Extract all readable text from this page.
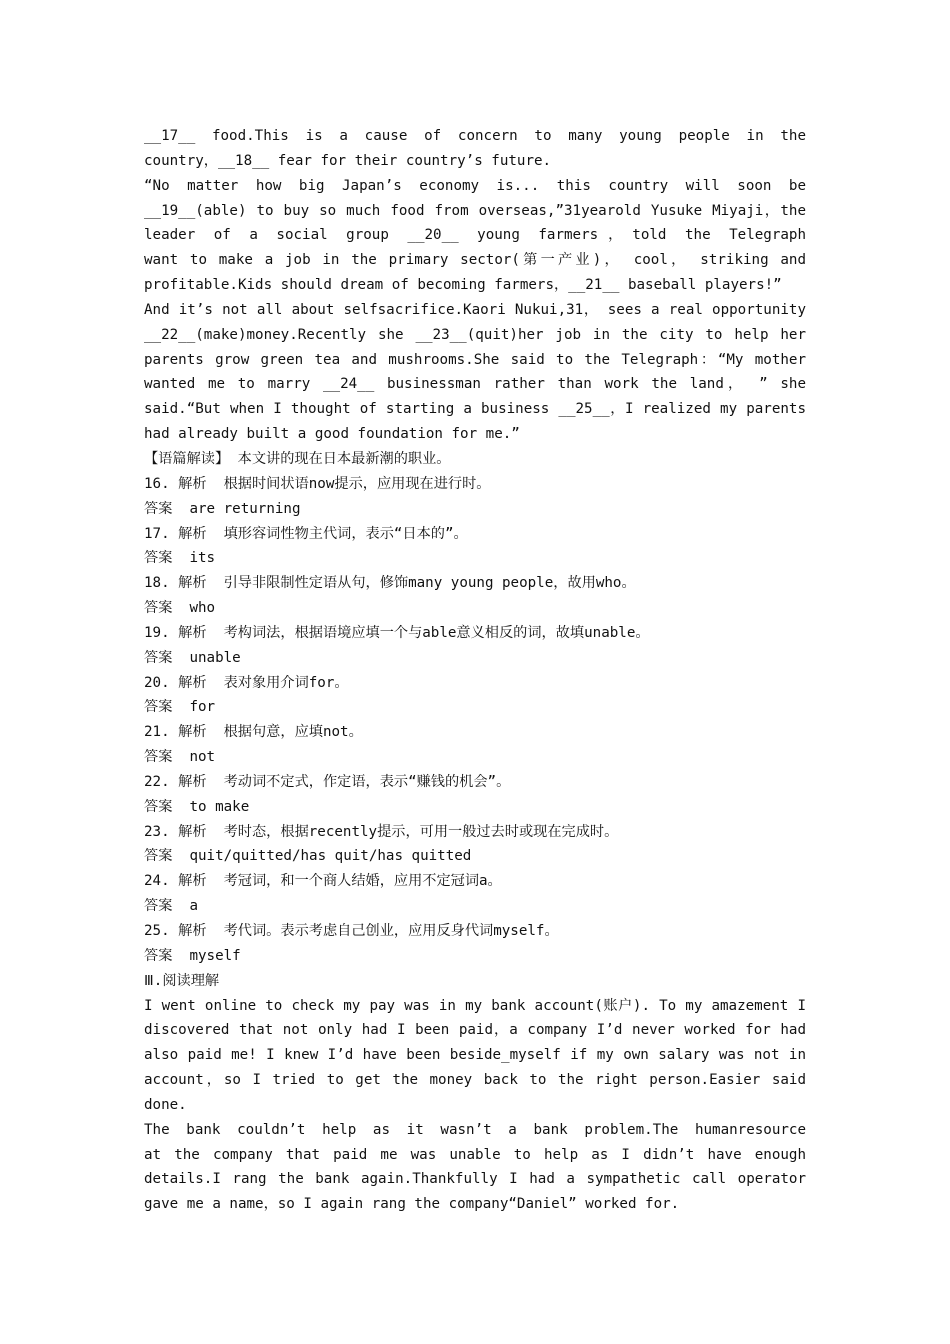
__17__ food.This is a cause of concern to many young people in the
country，__18__ fear for their country’s future.
“No matter how big Japan’s economy is... this country will soon be
__19__(able) to buy so much food from overseas,”31yearold Yusuke Miyaji，the
leader of a social group __20__ young farmers，told the Telegraph
want to make a job in the primary sector(第一产业)， cool， striking and
profitable.Kids should dream of becoming farmers，__21__ baseball players!”
And it’s not all about selfsacrifice.Kaori Nukui,31， sees a real opportunity
__22__(make)money.Recently she __23__(quit)her job in the city to help her
parents grow green tea and mushrooms.She said to the Telegraph：“My mother
wanted me to marry __24__ businessman rather than work the land， ” she
said.“But when I thought of starting a business __25__，I realized my parents
had already built a good foundation for me.”
【语篇解读】 本文讲的现在日本最新潮的职业。
16. 解析  根据时间状语now提示，应用现在进行时。
答案  are returning
17. 解析  填形容词性物主代词，表示“日本的”。
答案  its
18. 解析  引导非限制性定语从句，修饰many young people，故用who。
答案  who
19. 解析  考构词法，根据语境应填一个与able意义相反的词，故填unable。
答案  unable
20. 解析  表对象用介词for。
答案  for
21. 解析  根据句意，应填not。
答案  not
22. 解析  考动词不定式，作定语，表示“赚钱的机会”。
答案  to make
23. 解析  考时态，根据recently提示，可用一般过去时或现在完成时。
答案  quit/quitted/has quit/has quitted
24. 解析  考冠词，和一个商人结婚，应用不定冠词a。
答案  a
25. 解析  考代词。表示考虑自己创业，应用反身代词myself。
答案  myself
Ⅲ.阅读理解
I went online to check my pay was in my bank account(账户). To my amazement I
discovered that not only had I been paid，a company I’d never worked for had
also paid me! I knew I’d have been beside_myself if my own salary was not in
account，so I tried to get the money back to the right person.Easier said
done.
The bank couldn’t help as it wasn’t a bank problem.The humanresource
at the company that paid me was unable to help as I didn’t have enough
details.I rang the bank again.Thankfully I had a sympathetic call operator
gave me a name，so I again rang the company“Daniel” worked for.
